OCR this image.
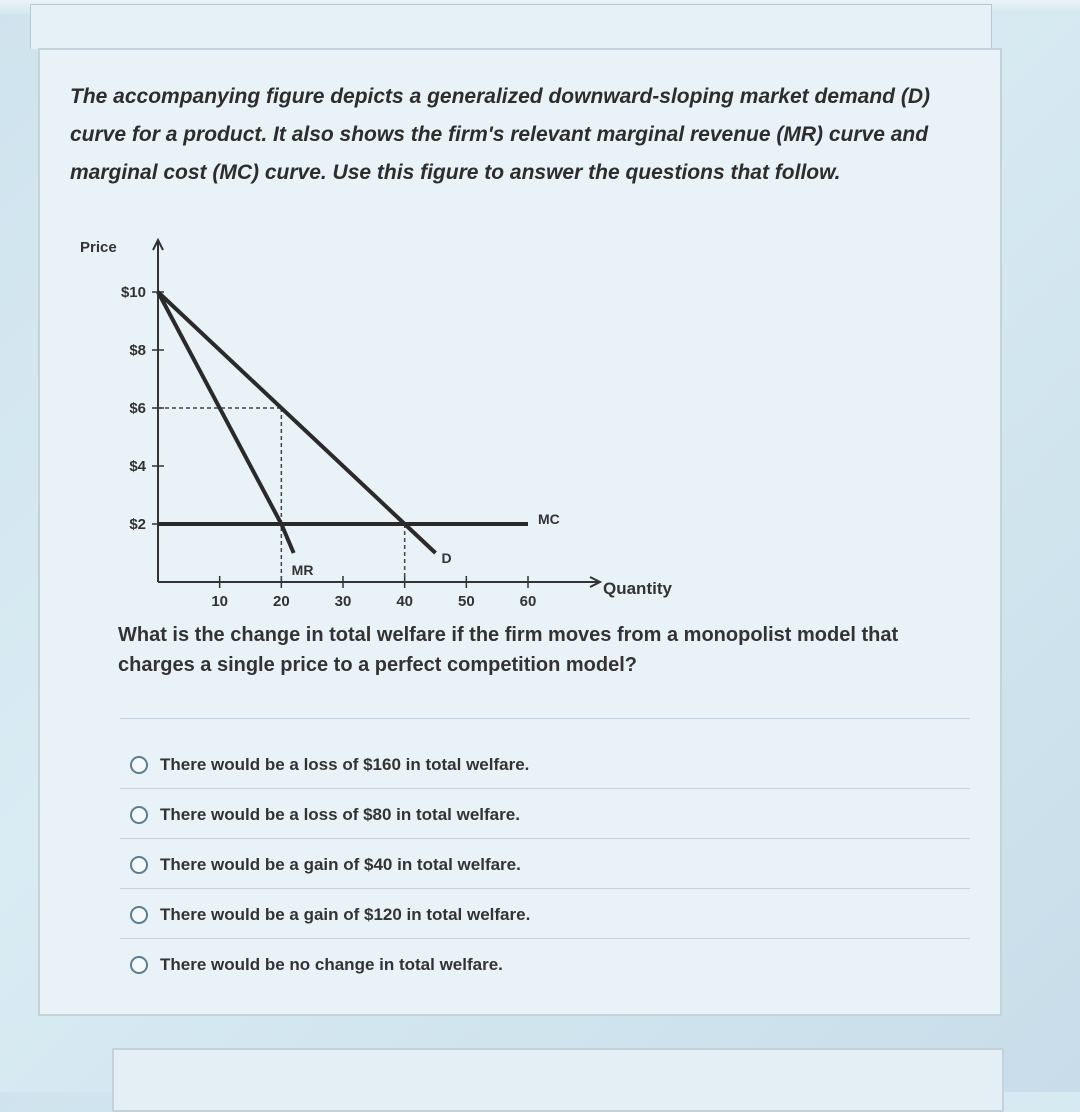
The accompanying figure depicts a generalized downward-sloping market demand (D) curve for a product. It also shows the firm's relevant marginal revenue (MR) curve and marginal cost (MC) curve. Use this figure to answer the questions that follow.

Price
Quantity
10	20	30	40	50	60
$2
$4
$6
$8
$10
D
MR
MC

What is the change in total welfare if the firm moves from a monopolist model that charges a single price to a perfect competition model?

There would be a loss of $160 in total welfare.
There would be a loss of $80 in total welfare.
There would be a gain of $40 in total welfare.
There would be a gain of $120 in total welfare.
There would be no change in total welfare.
